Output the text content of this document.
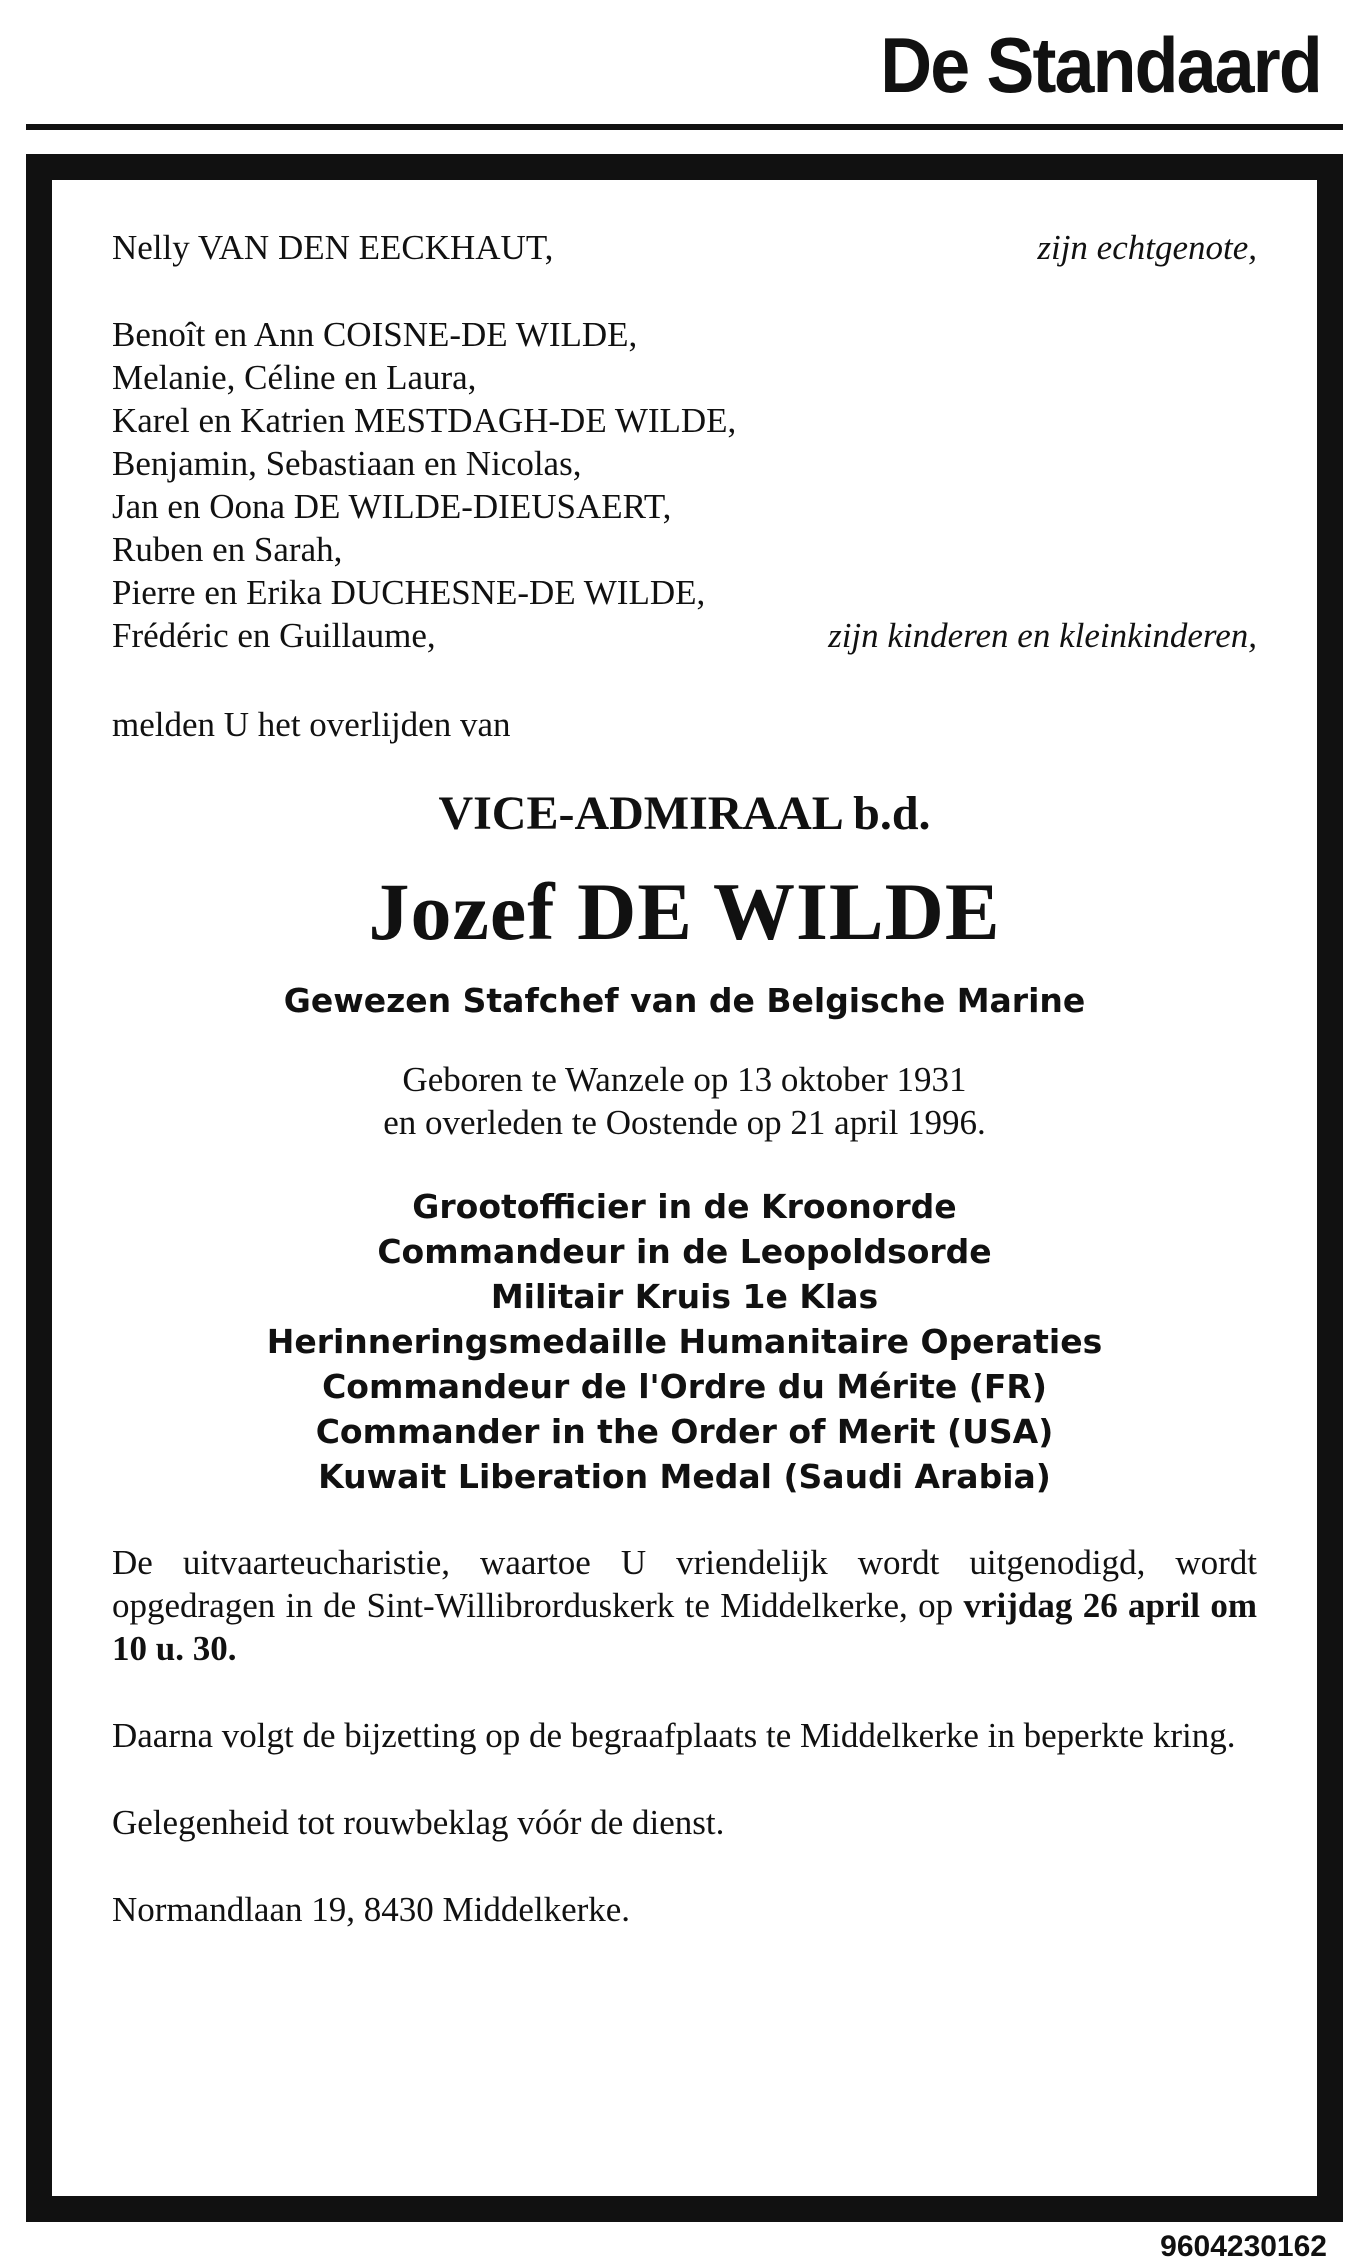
De Standaard
Nelly VAN DEN EECKHAUT,	zijn echtgenote,
Benoît en Ann COISNE-DE WILDE,
Melanie, Céline en Laura,
Karel en Katrien MESTDAGH-DE WILDE,
Benjamin, Sebastiaan en Nicolas,
Jan en Oona DE WILDE-DIEUSAERT,
Ruben en Sarah,
Pierre en Erika DUCHESNE-DE WILDE,
Frédéric en Guillaume,	zijn kinderen en kleinkinderen,
melden U het overlijden van
VICE-ADMIRAAL b.d.
Jozef DE WILDE
Gewezen Stafchef van de Belgische Marine
Geboren te Wanzele op 13 oktober 1931
en overleden te Oostende op 21 april 1996.
Grootofficier in de Kroonorde
Commandeur in de Leopoldsorde
Militair Kruis 1e Klas
Herinneringsmedaille Humanitaire Operaties
Commandeur de l'Ordre du Mérite (FR)
Commander in the Order of Merit (USA)
Kuwait Liberation Medal (Saudi Arabia)
De uitvaarteucharistie, waartoe U vriendelijk wordt uitgenodigd, wordt opgedragen in de Sint-Willibrorduskerk te Middelkerke, op vrijdag 26 april om 10 u. 30.
Daarna volgt de bijzetting op de begraafplaats te Middelkerke in beperkte kring.
Gelegenheid tot rouwbeklag vóór de dienst.
Normandlaan 19, 8430 Middelkerke.
9604230162
